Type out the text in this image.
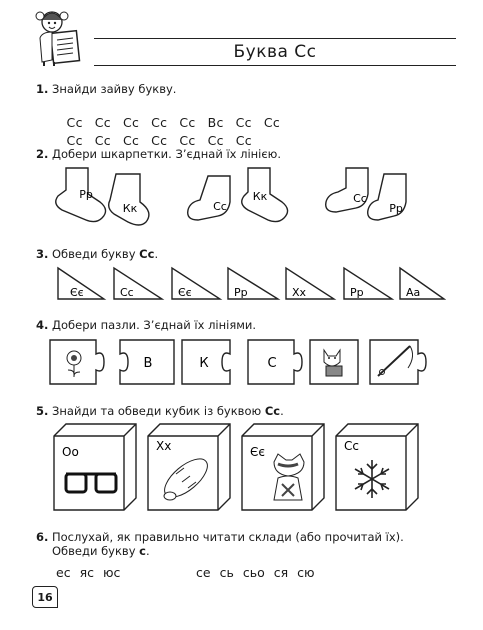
Буква Сс
1. Знайди зайву букву.

Сс Сс Сс Сс Сс Вс Сс Сс

Сс Сс Сс Сс Сс Сс Сс

2. Добери шкарпетки. З’єднай їх лінією.
Рр
Кк	Сс
Кк	Сс
Рр
3. Обведи букву Сс.
Єє	Сс	Єє	Рр	Хх	Рр	Аа
4. Добери пазли. З’єднай їх лініями.
В	К	С
5. Знайди та обведи кубик із буквою Сс.
Оо	Хх	Єє	Сс
6. Послухай, як правильно читати склади (або прочитай їх).
Обведи букву с.
ес яс юс	се сь сьо ся сю
16
